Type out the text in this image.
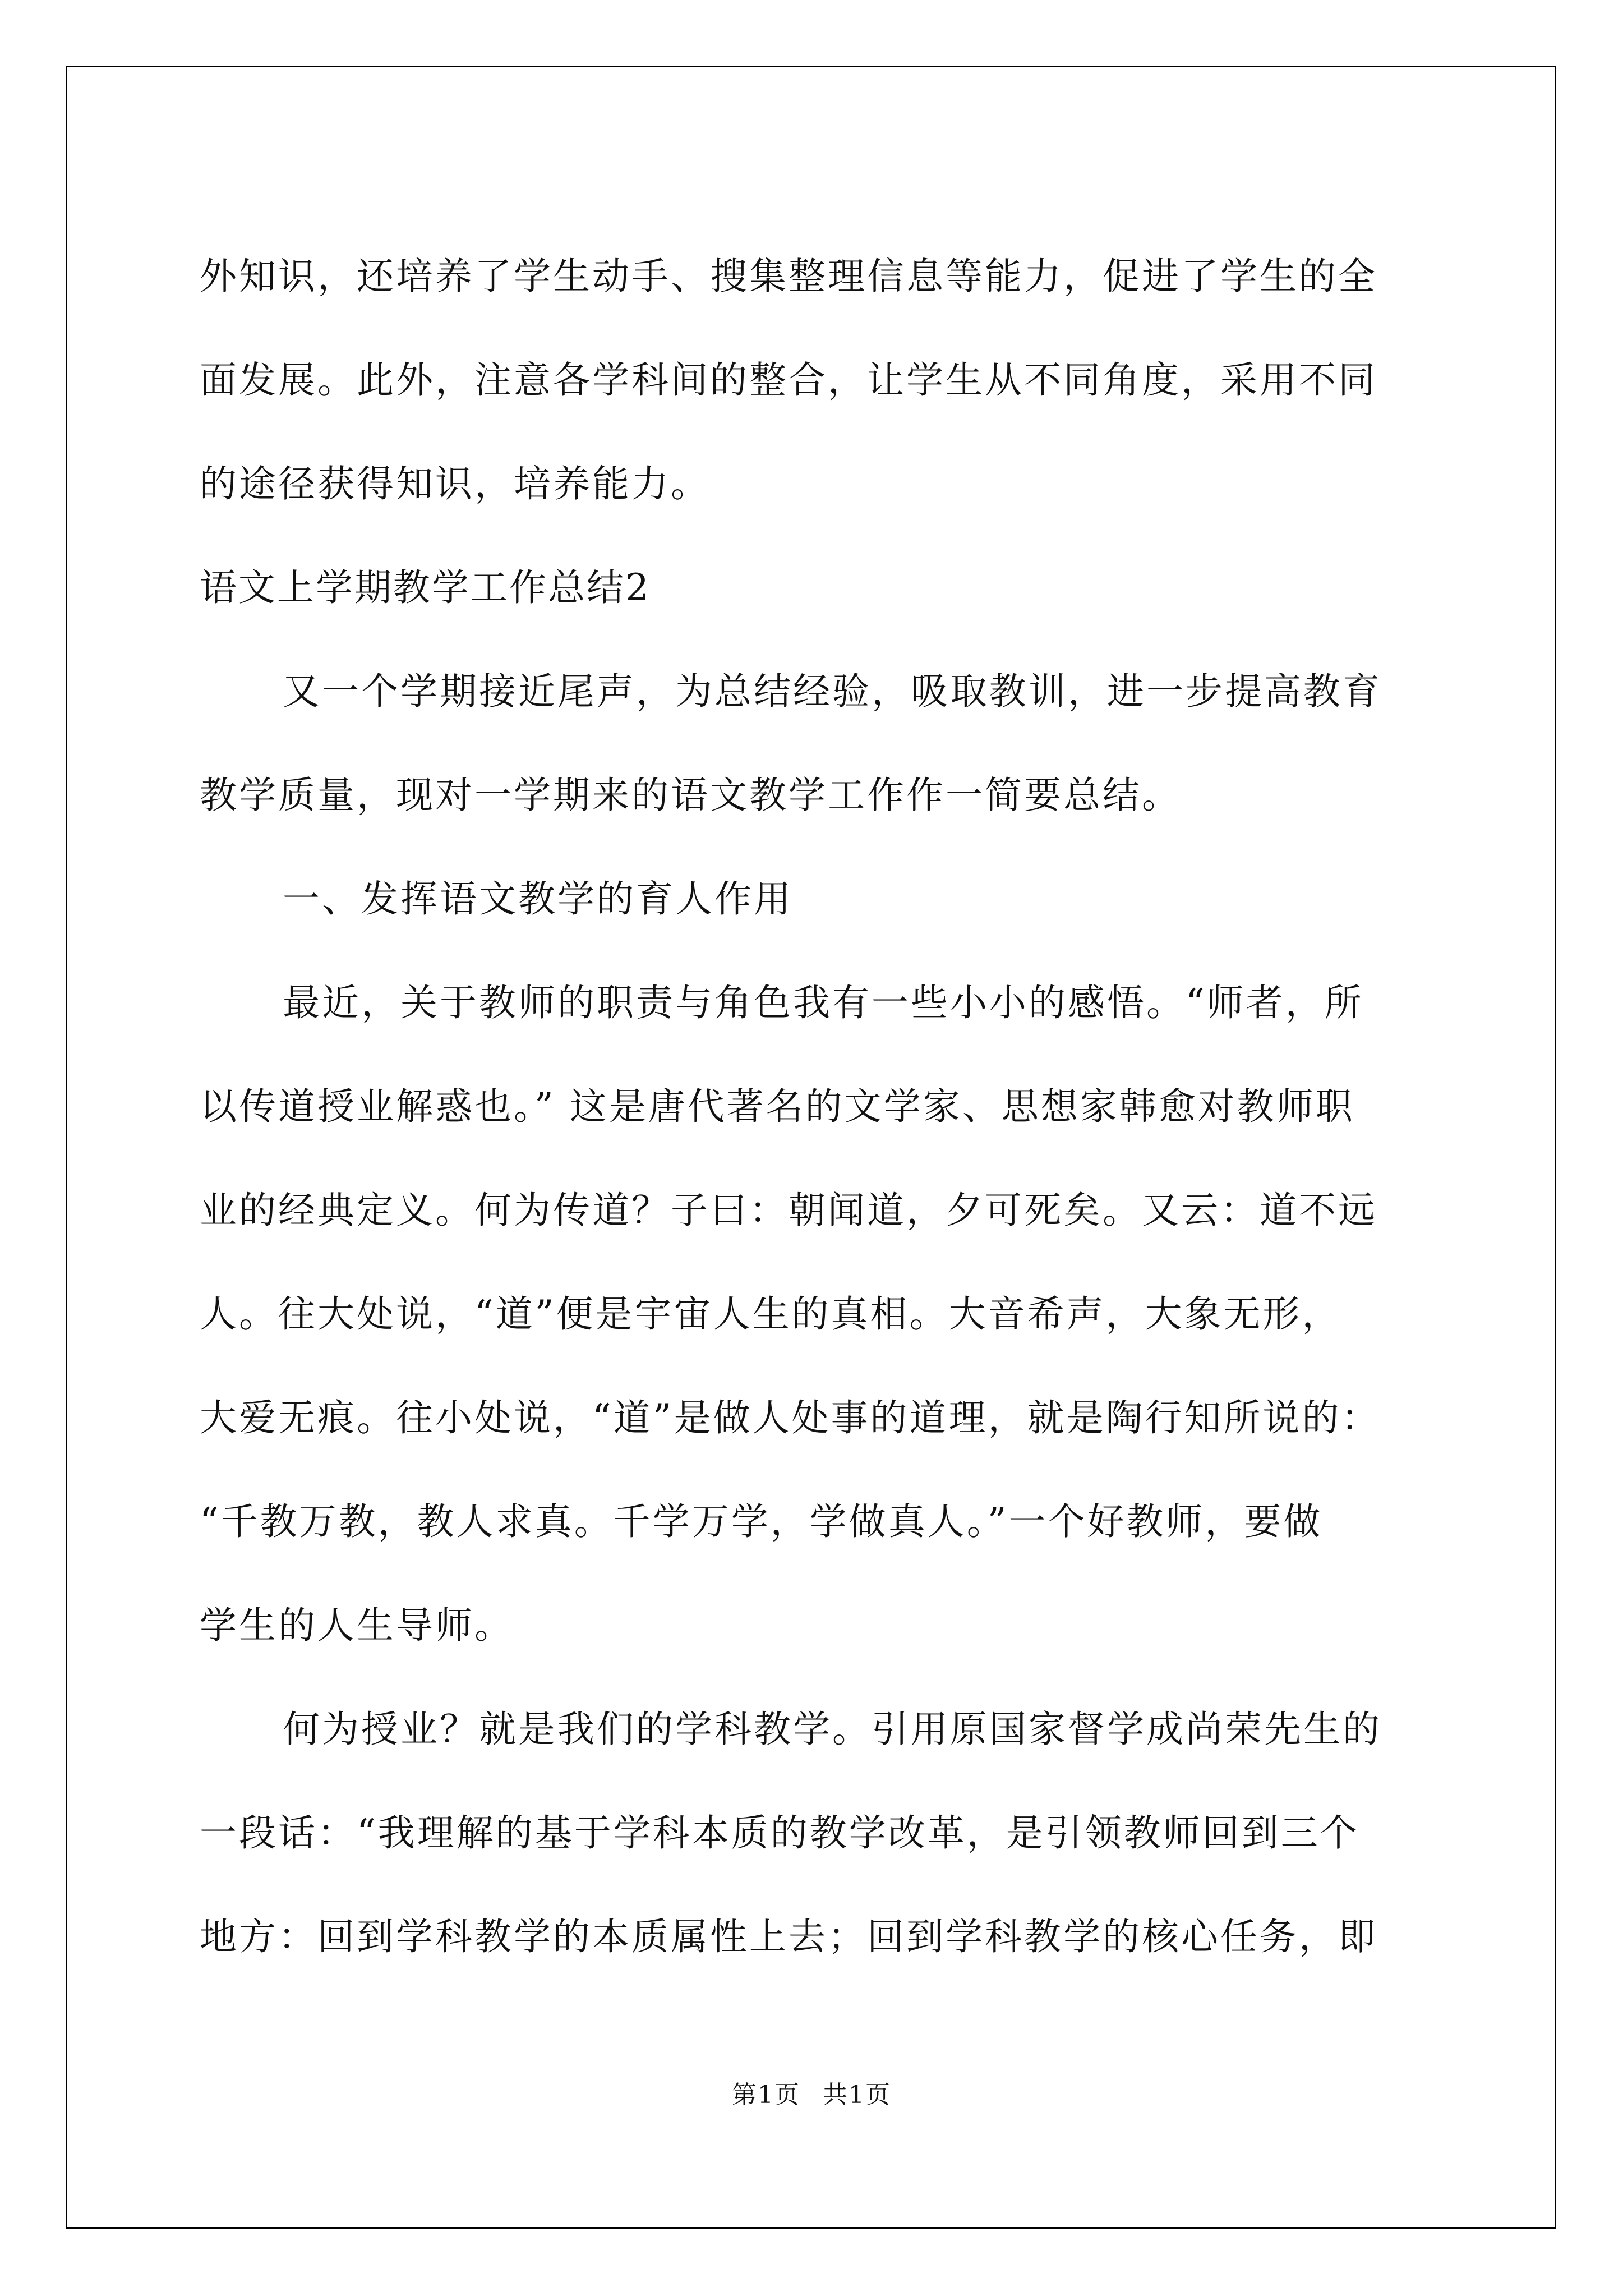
外知识，还培养了学生动手、搜集整理信息等能力，促进了学生的全
面发展。此外，注意各学科间的整合，让学生从不同角度，采用不同
的途径获得知识，培养能力。
语文上学期教学工作总结2
又一个学期接近尾声，为总结经验，吸取教训，进一步提高教育
教学质量，现对一学期来的语文教学工作作一简要总结。
一、发挥语文教学的育人作用
最近，关于教师的职责与角色我有一些小小的感悟。“师者，所
以传道授业解惑也。” 这是唐代著名的文学家、思想家韩愈对教师职
业的经典定义。何为传道？子曰：朝闻道，夕可死矣。又云：道不远
人。往大处说，“道”便是宇宙人生的真相。大音希声，大象无形，
大爱无痕。往小处说，“道”是做人处事的道理，就是陶行知所说的：
“千教万教，教人求真。千学万学，学做真人。”一个好教师，要做
学生的人生导师。
何为授业？就是我们的学科教学。引用原国家督学成尚荣先生的
一段话：“我理解的基于学科本质的教学改革，是引领教师回到三个
地方：回到学科教学的本质属性上去；回到学科教学的核心任务，即
第1页 共1页
